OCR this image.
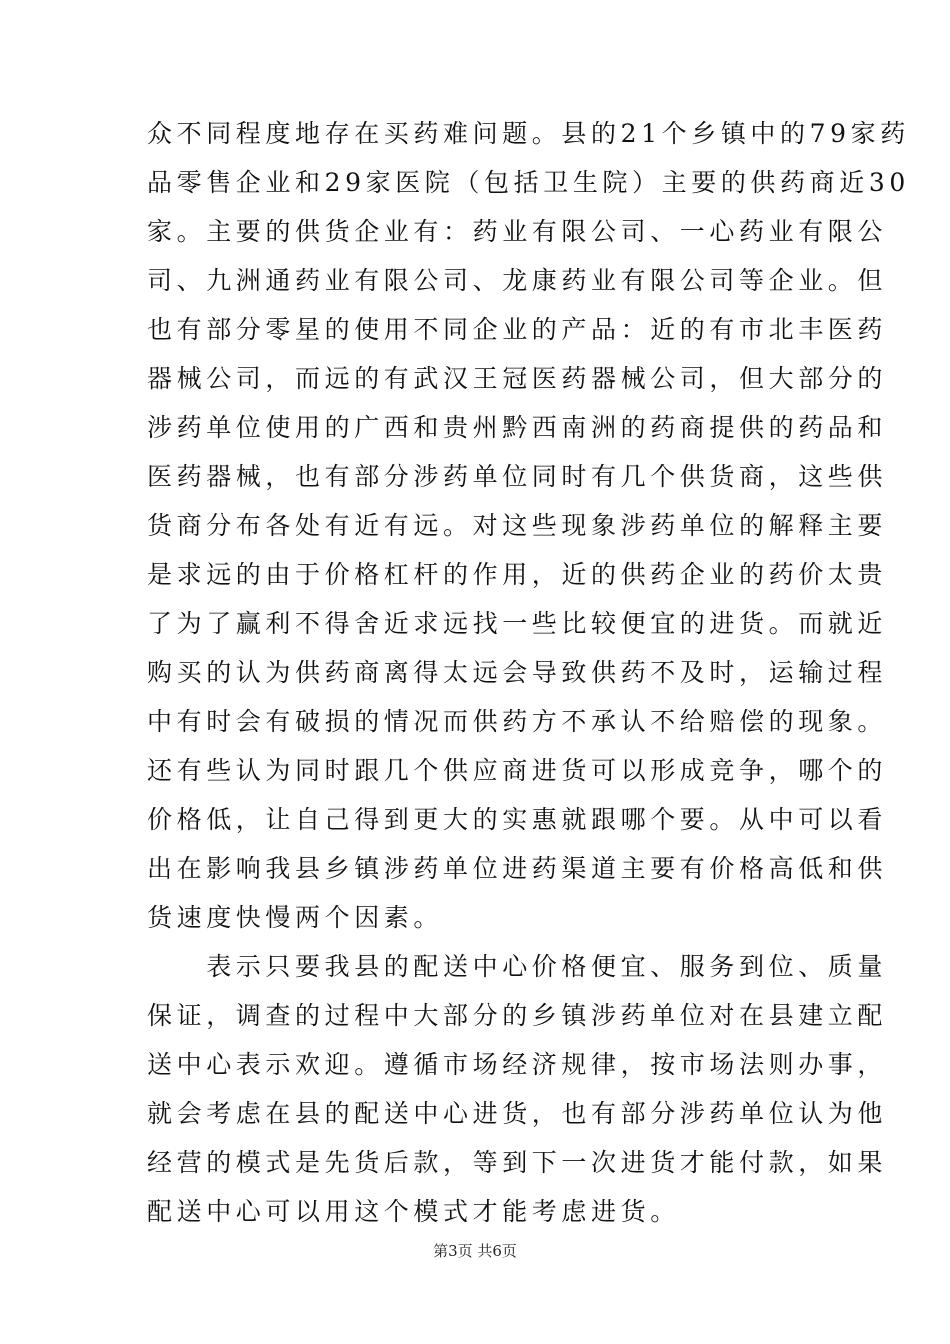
众不同程度地存在买药难问题。县的21个乡镇中的79家药
品零售企业和29家医院（包括卫生院）主要的供药商近30
家。主要的供货企业有：药业有限公司、一心药业有限公
司、九洲通药业有限公司、龙康药业有限公司等企业。但
也有部分零星的使用不同企业的产品：近的有市北丰医药
器械公司，而远的有武汉王冠医药器械公司，但大部分的
涉药单位使用的广西和贵州黔西南洲的药商提供的药品和
医药器械，也有部分涉药单位同时有几个供货商，这些供
货商分布各处有近有远。对这些现象涉药单位的解释主要
是求远的由于价格杠杆的作用，近的供药企业的药价太贵
了为了赢利不得舍近求远找一些比较便宜的进货。而就近
购买的认为供药商离得太远会导致供药不及时，运输过程
中有时会有破损的情况而供药方不承认不给赔偿的现象。
还有些认为同时跟几个供应商进货可以形成竞争，哪个的
价格低，让自己得到更大的实惠就跟哪个要。从中可以看
出在影响我县乡镇涉药单位进药渠道主要有价格高低和供
货速度快慢两个因素。
　　表示只要我县的配送中心价格便宜、服务到位、质量
保证，调查的过程中大部分的乡镇涉药单位对在县建立配
送中心表示欢迎。遵循市场经济规律，按市场法则办事，
就会考虑在县的配送中心进货，也有部分涉药单位认为他
经营的模式是先货后款，等到下一次进货才能付款，如果
配送中心可以用这个模式才能考虑进货。
第3页 共6页
